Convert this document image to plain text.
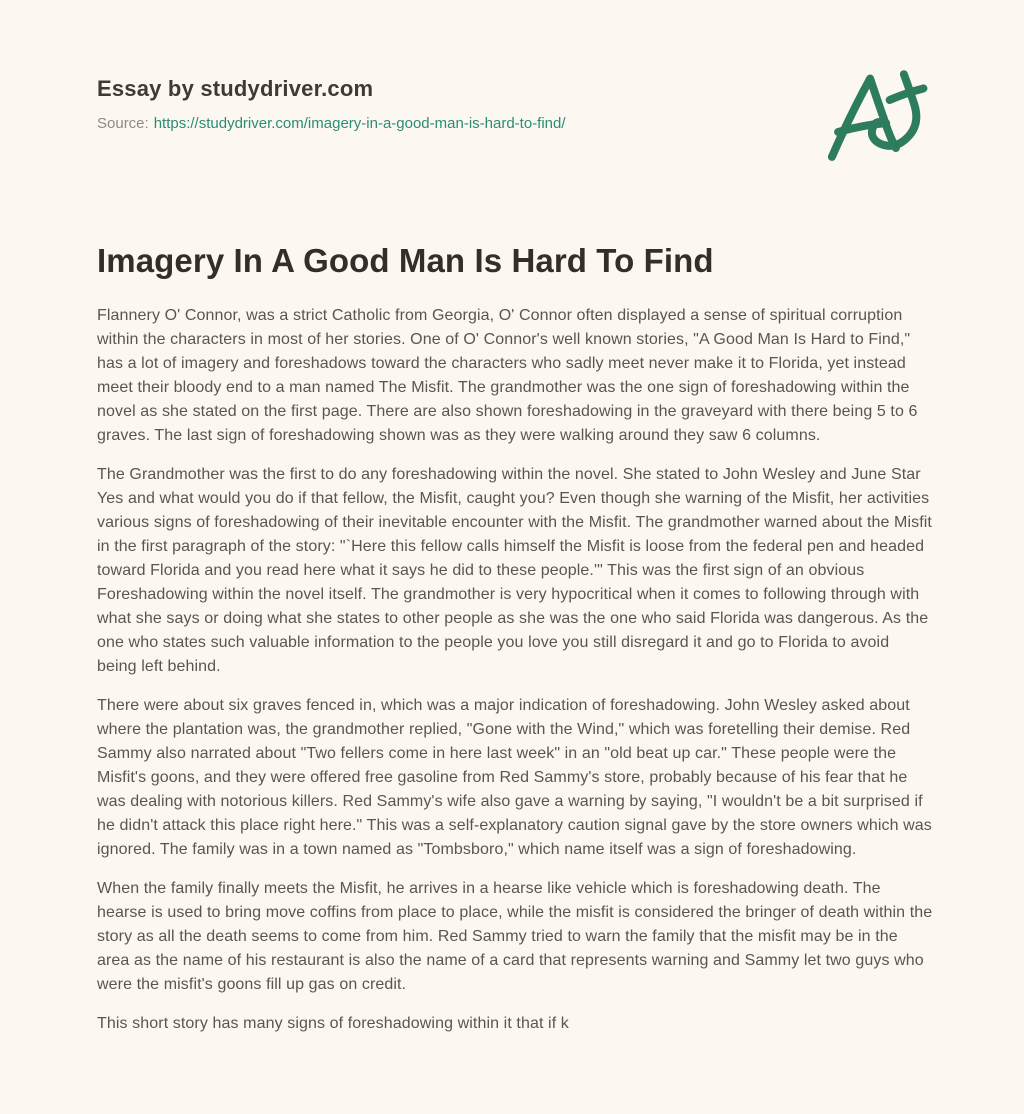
Essay by studydriver.com
Source: https://studydriver.com/imagery-in-a-good-man-is-hard-to-find/
Imagery In A Good Man Is Hard To Find

Flannery O' Connor, was a strict Catholic from Georgia, O' Connor often displayed a sense of spiritual corruption within the characters in most of her stories. One of O' Connor's well known stories, "A Good Man Is Hard to Find," has a lot of imagery and foreshadows toward the characters who sadly meet never make it to Florida, yet instead meet their bloody end to a man named The Misfit. The grandmother was the one sign of foreshadowing within the novel as she stated on the first page. There are also shown foreshadowing in the graveyard with there being 5 to 6 graves. The last sign of foreshadowing shown was as they were walking around they saw 6 columns.

The Grandmother was the first to do any foreshadowing within the novel. She stated to John Wesley and June Star Yes and what would you do if that fellow, the Misfit, caught you? Even though she warning of the Misfit, her activities various signs of foreshadowing of their inevitable encounter with the Misfit. The grandmother warned about the Misfit in the first paragraph of the story: "`Here this fellow calls himself the Misfit is loose from the federal pen and headed toward Florida and you read here what it says he did to these people.'" This was the first sign of an obvious Foreshadowing within the novel itself. The grandmother is very hypocritical when it comes to following through with what she says or doing what she states to other people as she was the one who said Florida was dangerous. As the one who states such valuable information to the people you love you still disregard it and go to Florida to avoid being left behind.

There were about six graves fenced in, which was a major indication of foreshadowing. John Wesley asked about where the plantation was, the grandmother replied, "Gone with the Wind," which was foretelling their demise. Red Sammy also narrated about "Two fellers come in here last week" in an "old beat up car." These people were the Misfit's goons, and they were offered free gasoline from Red Sammy's store, probably because of his fear that he was dealing with notorious killers. Red Sammy's wife also gave a warning by saying, "I wouldn't be a bit surprised if he didn't attack this place right here." This was a self-explanatory caution signal gave by the store owners which was ignored. The family was in a town named as "Tombsboro," which name itself was a sign of foreshadowing.

When the family finally meets the Misfit, he arrives in a hearse like vehicle which is foreshadowing death. The hearse is used to bring move coffins from place to place, while the misfit is considered the bringer of death within the story as all the death seems to come from him. Red Sammy tried to warn the family that the misfit may be in the area as the name of his restaurant is also the name of a card that represents warning and Sammy let two guys who were the misfit's goons fill up gas on credit.

This short story has many signs of foreshadowing within it that if k
